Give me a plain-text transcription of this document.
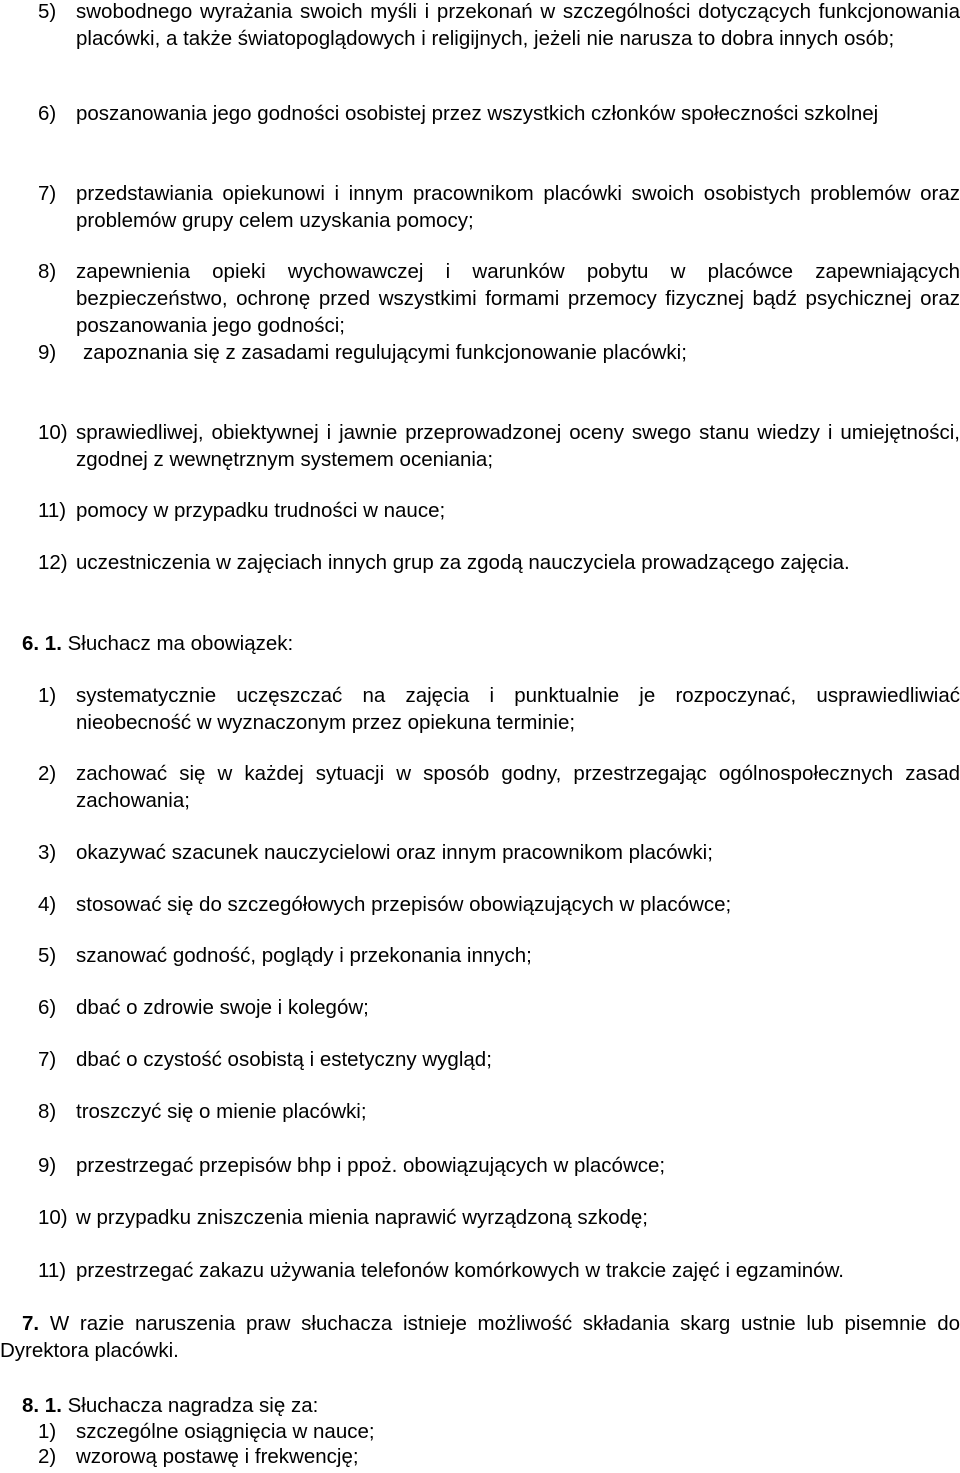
5) swobodnego wyrażania swoich myśli i przekonań w szczególności dotyczących funkcjonowania placówki, a także światopoglądowych i religijnych, jeżeli nie narusza to dobra innych osób;
6) poszanowania jego godności osobistej przez wszystkich członków społeczności szkolnej
7) przedstawiania opiekunowi i innym pracownikom placówki swoich osobistych problemów oraz problemów grupy celem uzyskania pomocy;
8) zapewnienia opieki wychowawczej i warunków pobytu w placówce zapewniających bezpieczeństwo, ochronę przed wszystkimi formami przemocy fizycznej bądź psychicznej oraz poszanowania jego godności;
9)	zapoznania się z zasadami regulującymi funkcjonowanie placówki;
10) sprawiedliwej, obiektywnej i jawnie przeprowadzonej oceny swego stanu wiedzy i umiejętności, zgodnej z wewnętrznym systemem oceniania;
11) pomocy w przypadku trudności w nauce;
12) uczestniczenia w zajęciach innych grup za zgodą nauczyciela prowadzącego zajęcia.
6. 1. Słuchacz ma obowiązek:
1) systematycznie uczęszczać na zajęcia i punktualnie je rozpoczynać, usprawiedliwiać nieobecność w wyznaczonym przez opiekuna terminie;
2) zachować się w każdej sytuacji w sposób godny, przestrzegając ogólnospołecznych zasad zachowania;
3) okazywać szacunek nauczycielowi oraz innym pracownikom placówki;
4) stosować się do szczegółowych przepisów obowiązujących w placówce;
5) szanować godność, poglądy i przekonania innych;
6) dbać o zdrowie swoje i kolegów;
7) dbać o czystość osobistą i estetyczny wygląd;
8) troszczyć się o mienie placówki;
9) przestrzegać przepisów bhp i ppoż. obowiązujących w placówce;
10) w przypadku zniszczenia mienia naprawić wyrządzoną szkodę;
11) przestrzegać zakazu używania telefonów komórkowych w trakcie zajęć i egzaminów.
7. W razie naruszenia praw słuchacza istnieje możliwość składania skarg ustnie lub pisemnie do Dyrektora placówki.
8. 1. Słuchacza nagradza się za:
1) szczególne osiągnięcia w nauce;
2) wzorową postawę i frekwencję;
